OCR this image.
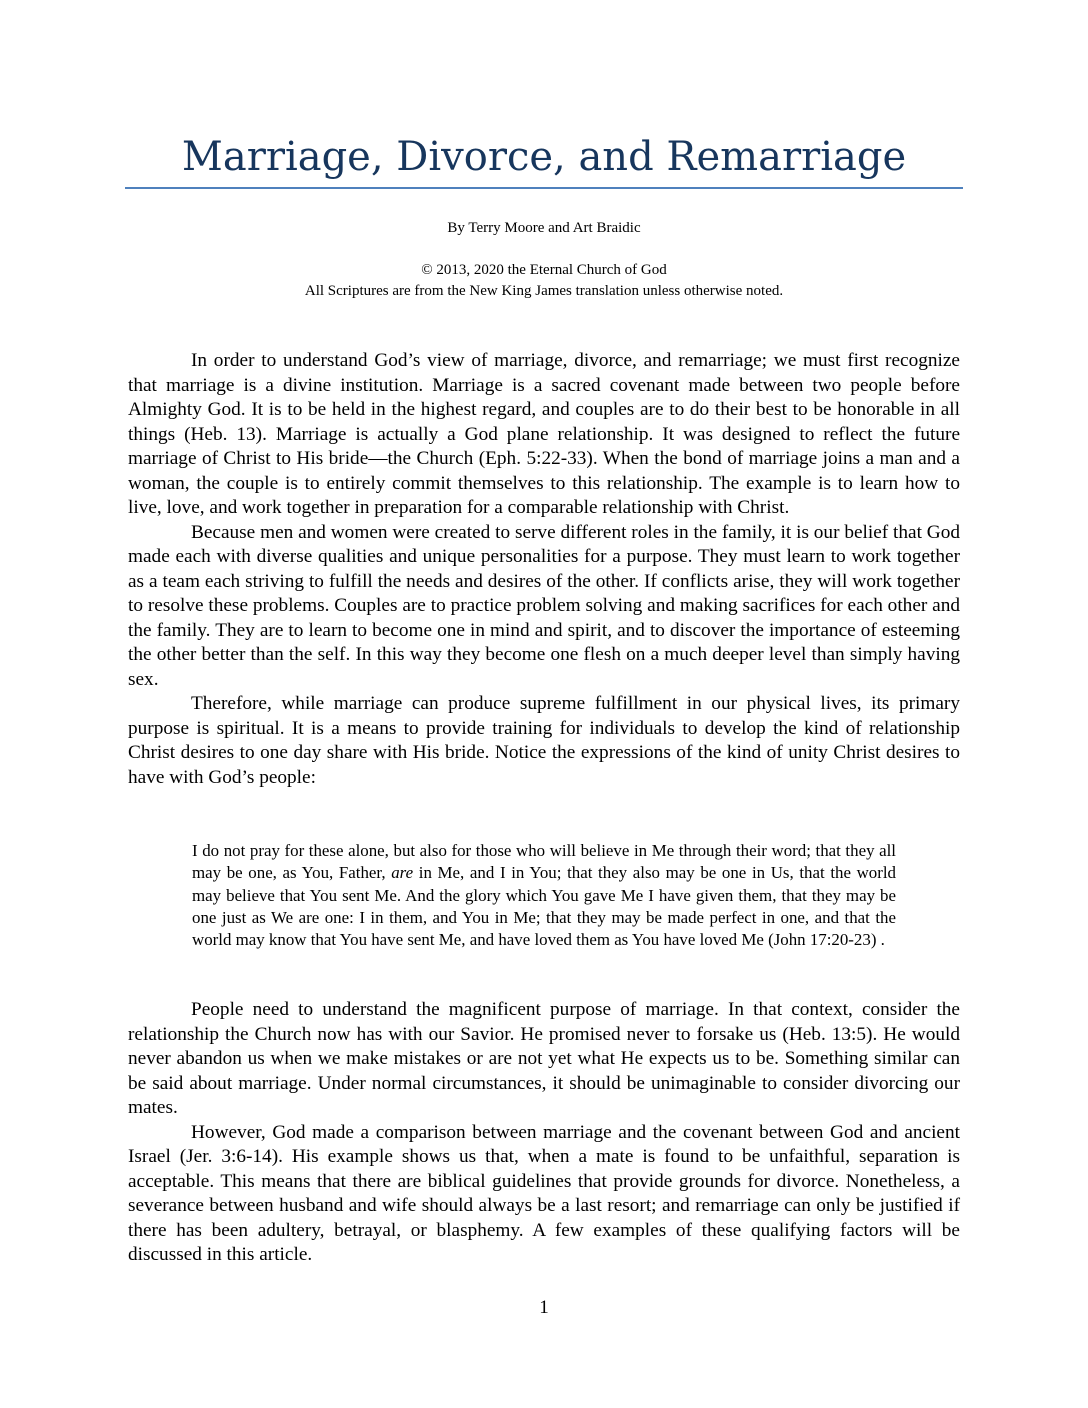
Marriage, Divorce, and Remarriage

By Terry Moore and Art Braidic

© 2013, 2020 the Eternal Church of God

All Scriptures are from the New King James translation unless otherwise noted.

In order to understand God’s view of marriage, divorce, and remarriage; we must first recognize that marriage is a divine institution. Marriage is a sacred covenant made between two people before Almighty God. It is to be held in the highest regard, and couples are to do their best to be honorable in all things (Heb. 13). Marriage is actually a God plane relationship. It was designed to reflect the future marriage of Christ to His bride—the Church (Eph. 5:22-33). When the bond of marriage joins a man and a woman, the couple is to entirely commit themselves to this relationship. The example is to learn how to live, love, and work together in preparation for a comparable relationship with Christ.

Because men and women were created to serve different roles in the family, it is our belief that God made each with diverse qualities and unique personalities for a purpose. They must learn to work together as a team each striving to fulfill the needs and desires of the other. If conflicts arise, they will work together to resolve these problems. Couples are to practice problem solving and making sacrifices for each other and the family. They are to learn to become one in mind and spirit, and to discover the importance of esteeming the other better than the self. In this way they become one flesh on a much deeper level than simply having sex.

Therefore, while marriage can produce supreme fulfillment in our physical lives, its primary purpose is spiritual. It is a means to provide training for individuals to develop the kind of relationship Christ desires to one day share with His bride. Notice the expressions of the kind of unity Christ desires to have with God’s people:

I do not pray for these alone, but also for those who will believe in Me through their word; that they all may be one, as You, Father, are in Me, and I in You; that they also may be one in Us, that the world may believe that You sent Me. And the glory which You gave Me I have given them, that they may be one just as We are one: I in them, and You in Me; that they may be made perfect in one, and that the world may know that You have sent Me, and have loved them as You have loved Me (John 17:20-23) .

People need to understand the magnificent purpose of marriage. In that context, consider the relationship the Church now has with our Savior. He promised never to forsake us (Heb. 13:5). He would never abandon us when we make mistakes or are not yet what He expects us to be. Something similar can be said about marriage. Under normal circumstances, it should be unimaginable to consider divorcing our mates.

However, God made a comparison between marriage and the covenant between God and ancient Israel (Jer. 3:6-14). His example shows us that, when a mate is found to be unfaithful, separation is acceptable. This means that there are biblical guidelines that provide grounds for divorce. Nonetheless, a severance between husband and wife should always be a last resort; and remarriage can only be justified if there has been adultery, betrayal, or blasphemy. A few examples of these qualifying factors will be discussed in this article.

1
